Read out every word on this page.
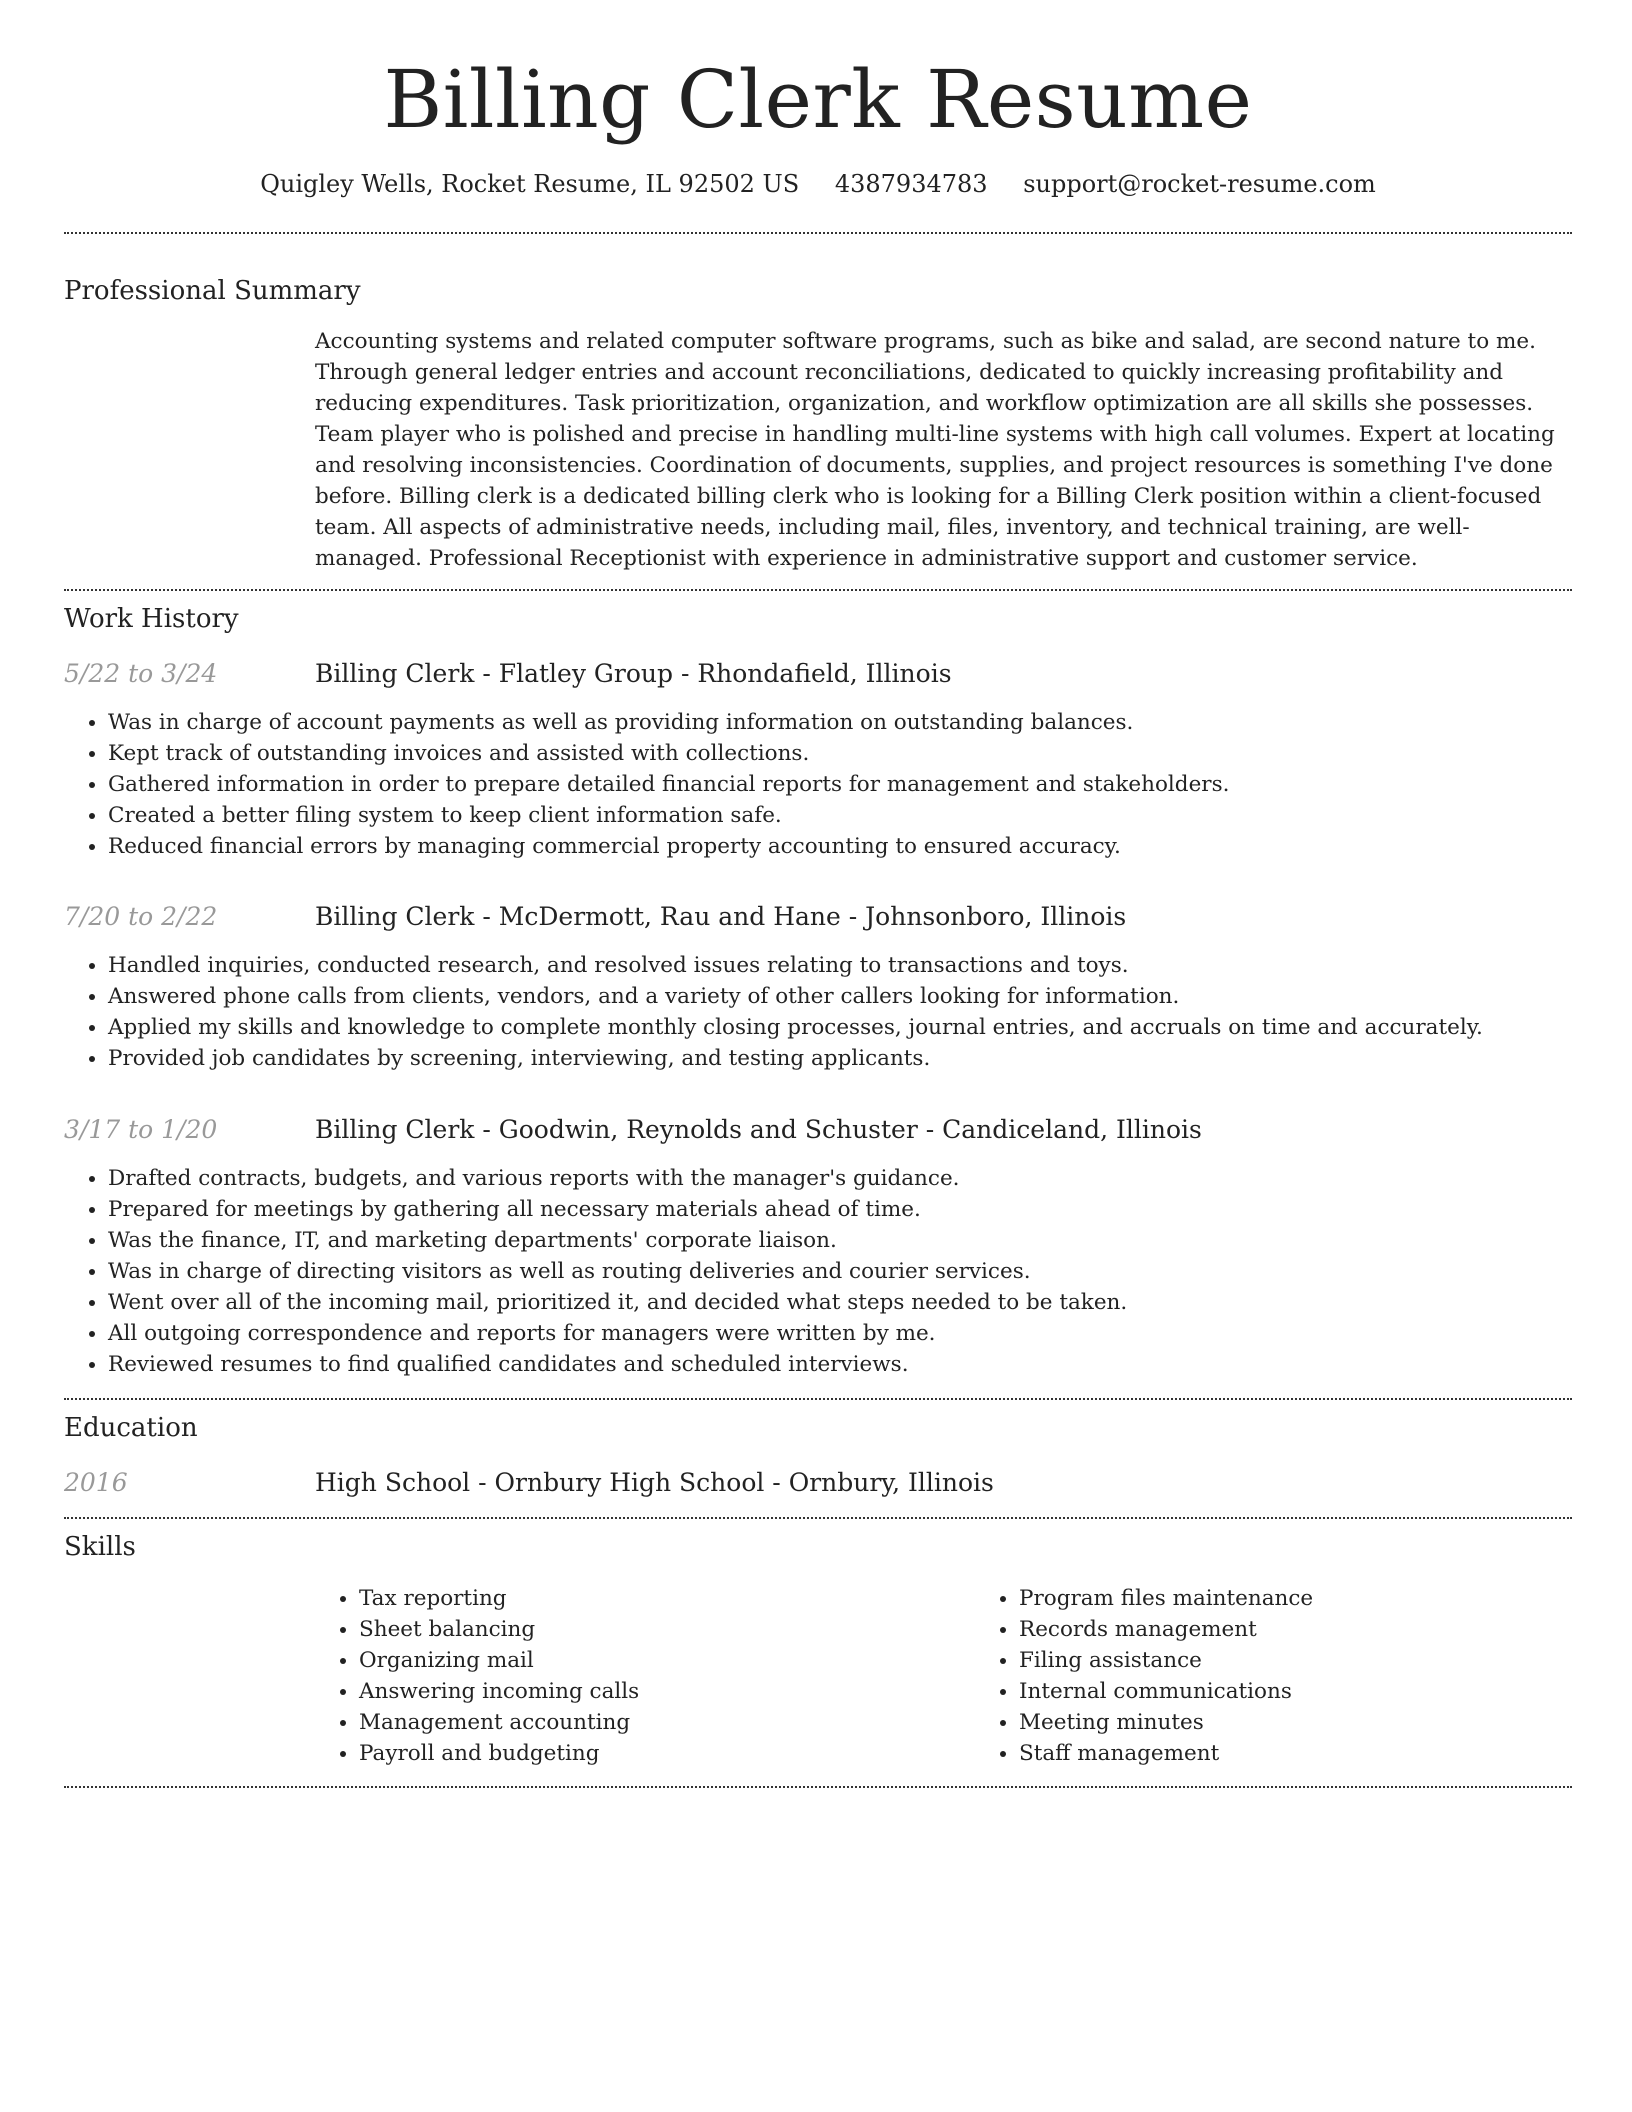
Billing Clerk Resume
Quigley Wells, Rocket Resume, IL 92502 US 4387934783 support@rocket-resume.com
Professional Summary
Accounting systems and related computer software programs, such as bike and salad, are second nature to me. Through general ledger entries and account reconciliations, dedicated to quickly increasing profitability and reducing expenditures. Task prioritization, organization, and workflow optimization are all skills she possesses. Team player who is polished and precise in handling multi-line systems with high call volumes. Expert at locating and resolving inconsistencies. Coordination of documents, supplies, and project resources is something I've done before. Billing clerk is a dedicated billing clerk who is looking for a Billing Clerk position within a client-focused team. All aspects of administrative needs, including mail, files, inventory, and technical training, are well-managed. Professional Receptionist with experience in administrative support and customer service.
Work History
5/22 to 3/24	Billing Clerk - Flatley Group - Rhondafield, Illinois
• Was in charge of account payments as well as providing information on outstanding balances.
• Kept track of outstanding invoices and assisted with collections.
• Gathered information in order to prepare detailed financial reports for management and stakeholders.
• Created a better filing system to keep client information safe.
• Reduced financial errors by managing commercial property accounting to ensured accuracy.
7/20 to 2/22	Billing Clerk - McDermott, Rau and Hane - Johnsonboro, Illinois
• Handled inquiries, conducted research, and resolved issues relating to transactions and toys.
• Answered phone calls from clients, vendors, and a variety of other callers looking for information.
• Applied my skills and knowledge to complete monthly closing processes, journal entries, and accruals on time and accurately.
• Provided job candidates by screening, interviewing, and testing applicants.
3/17 to 1/20	Billing Clerk - Goodwin, Reynolds and Schuster - Candiceland, Illinois
• Drafted contracts, budgets, and various reports with the manager's guidance.
• Prepared for meetings by gathering all necessary materials ahead of time.
• Was the finance, IT, and marketing departments' corporate liaison.
• Was in charge of directing visitors as well as routing deliveries and courier services.
• Went over all of the incoming mail, prioritized it, and decided what steps needed to be taken.
• All outgoing correspondence and reports for managers were written by me.
• Reviewed resumes to find qualified candidates and scheduled interviews.
Education
2016	High School - Ornbury High School - Ornbury, Illinois
Skills
• Tax reporting
• Sheet balancing
• Organizing mail
• Answering incoming calls
• Management accounting
• Payroll and budgeting
• Program files maintenance
• Records management
• Filing assistance
• Internal communications
• Meeting minutes
• Staff management
